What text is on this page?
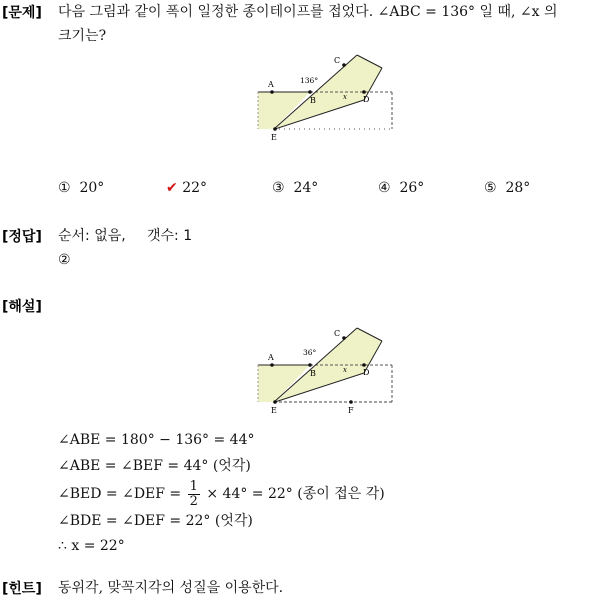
[문제] 다음 그림과 같이 폭이 일정한 종이테이프를 접었다. ∠ABC = 136° 일 때, ∠x 의
크기는?
A
B
C
D
E
136°
x
① 20°	✔ 22°	③ 24°	④ 26°	⑤ 28°
[정답] 순서: 없음, 갯수: 1
②
[해설]
A
B
C
D
E	F
36°
x
∠ABE = 180° − 136° = 44°
∠ABE = ∠BEF = 44° (엇각)
∠BED = ∠DEF = $\frac{1}{2} \times 44^\circ = 22^\circ$ (종이 접은 각)
∠BDE = ∠DEF = 22° (엇각)
∴ x = 22°
[힌트] 동위각, 맞꼭지각의 성질을 이용한다.
